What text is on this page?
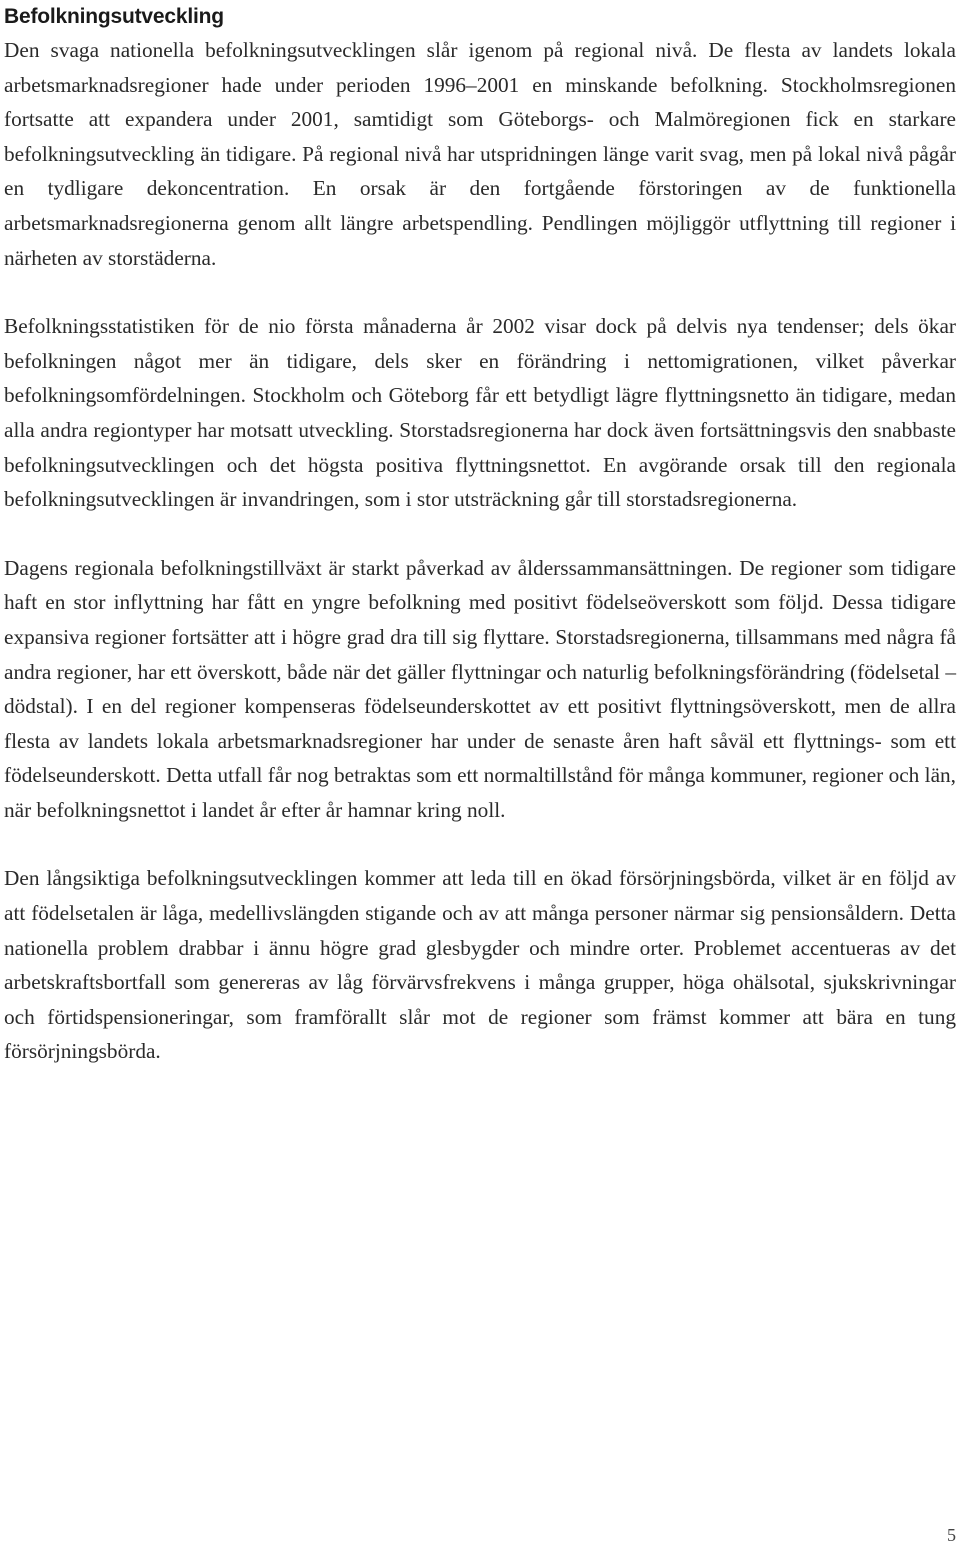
Befolkningsutveckling

Den svaga nationella befolkningsutvecklingen slår igenom på regional nivå. De flesta av landets lokala arbetsmarknadsregioner hade under perioden 1996–2001 en minskande befolkning. Stockholmsregionen fortsatte att expandera under 2001, samtidigt som Göteborgs- och Malmöregionen fick en starkare befolkningsutveckling än tidigare. På regional nivå har utspridningen länge varit svag, men på lokal nivå pågår en tydligare dekoncentration. En orsak är den fortgående förstoringen av de funktionella arbetsmarknadsregionerna genom allt längre arbetspendling. Pendlingen möjliggör utflyttning till regioner i närheten av storstäderna.

Befolkningsstatistiken för de nio första månaderna år 2002 visar dock på delvis nya tendenser; dels ökar befolkningen något mer än tidigare, dels sker en förändring i nettomigrationen, vilket påverkar befolkningsomfördelningen. Stockholm och Göteborg får ett betydligt lägre flyttningsnetto än tidigare, medan alla andra regiontyper har motsatt utveckling. Storstadsregionerna har dock även fortsättningsvis den snabbaste befolkningsutvecklingen och det högsta positiva flyttningsnettot. En avgörande orsak till den regionala befolkningsutvecklingen är invandringen, som i stor utsträckning går till storstadsregionerna.

Dagens regionala befolkningstillväxt är starkt påverkad av ålderssammansättningen. De regioner som tidigare haft en stor inflyttning har fått en yngre befolkning med positivt födelseöverskott som följd. Dessa tidigare expansiva regioner fortsätter att i högre grad dra till sig flyttare. Storstadsregionerna, tillsammans med några få andra regioner, har ett överskott, både när det gäller flyttningar och naturlig befolkningsförändring (födelsetal – dödstal). I en del regioner kompenseras födelseunderskottet av ett positivt flyttningsöverskott, men de allra flesta av landets lokala arbetsmarknadsregioner har under de senaste åren haft såväl ett flyttnings- som ett födelseunderskott. Detta utfall får nog betraktas som ett normaltillstånd för många kommuner, regioner och län, när befolkningsnettot i landet år efter år hamnar kring noll.

Den långsiktiga befolkningsutvecklingen kommer att leda till en ökad försörjningsbörda, vilket är en följd av att födelsetalen är låga, medellivslängden stigande och av att många personer närmar sig pensionsåldern. Detta nationella problem drabbar i ännu högre grad glesbygder och mindre orter. Problemet accentueras av det arbetskraftsbortfall som genereras av låg förvärvsfrekvens i många grupper, höga ohälsotal, sjukskrivningar och förtidspensioneringar, som framförallt slår mot de regioner som främst kommer att bära en tung försörjningsbörda.

5
